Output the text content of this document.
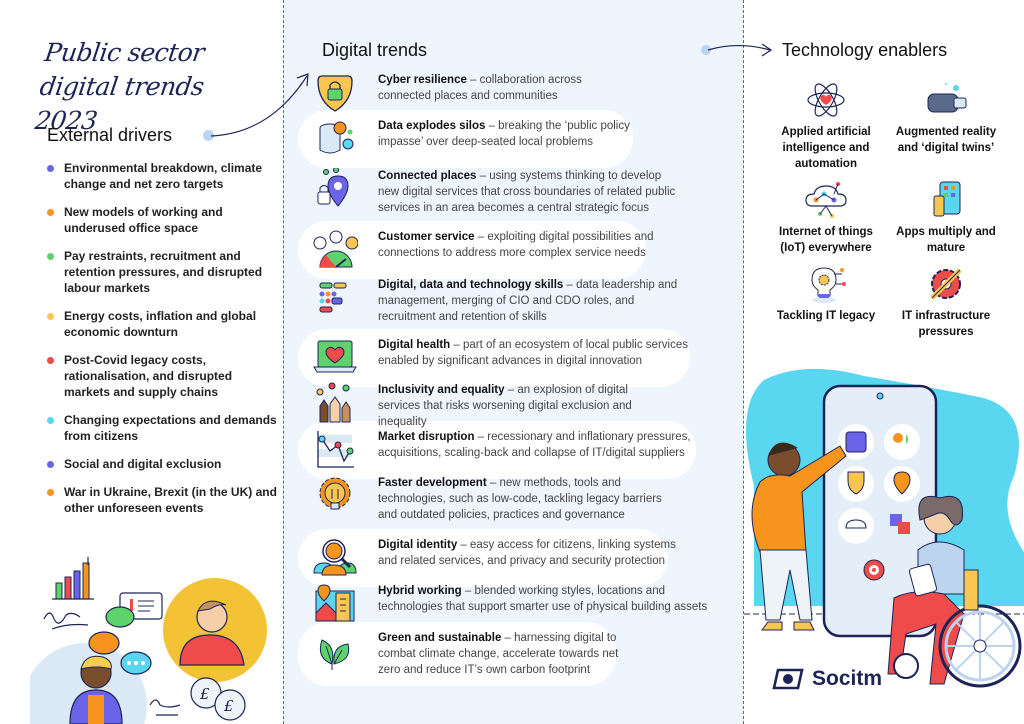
Public sector digital trends 2023
External drivers
Environmental breakdown, climate change and net zero targets
New models of working and underused office space
Pay restraints, recruitment and retention pressures, and disrupted labour markets
Energy costs, inflation and global economic downturn
Post-Covid legacy costs, rationalisation, and disrupted markets and supply chains
Changing expectations and demands from citizens
Social and digital exclusion
War in Ukraine, Brexit (in the UK) and other unforeseen events
£
£
Digital trends
Cyber resilience – collaboration across connected places and communities
Data explodes silos – breaking the ‘public policy impasse’ over deep-seated local problems
Connected places – using systems thinking to develop new digital services that cross boundaries of related public services in an area becomes a central strategic focus
Customer service – exploiting digital possibilities and connections to address more complex service needs
Digital, data and technology skills – data leadership and management, merging of CIO and CDO roles, and recruitment and retention of skills
Digital health – part of an ecosystem of local public services enabled by significant advances in digital innovation
Inclusivity and equality – an explosion of digital services that risks worsening digital exclusion and inequality
Market disruption – recessionary and inflationary pressures, acquisitions, scaling-back and collapse of IT/digital suppliers
Faster development – new methods, tools and technologies, such as low-code, tackling legacy barriers and outdated policies, practices and governance
Digital identity – easy access for citizens, linking systems and related services, and privacy and security protection
Hybrid working – blended working styles, locations and technologies that support smarter use of physical building assets
Green and sustainable – harnessing digital to combat climate change, accelerate towards net zero and reduce IT’s own carbon footprint
Technology enablers
Applied artificial intelligence and automation
Augmented reality and ‘digital twins’
Internet of things (IoT) everywhere
Apps multiply and mature
Tackling IT legacy	IT infrastructure pressures
Socitm
